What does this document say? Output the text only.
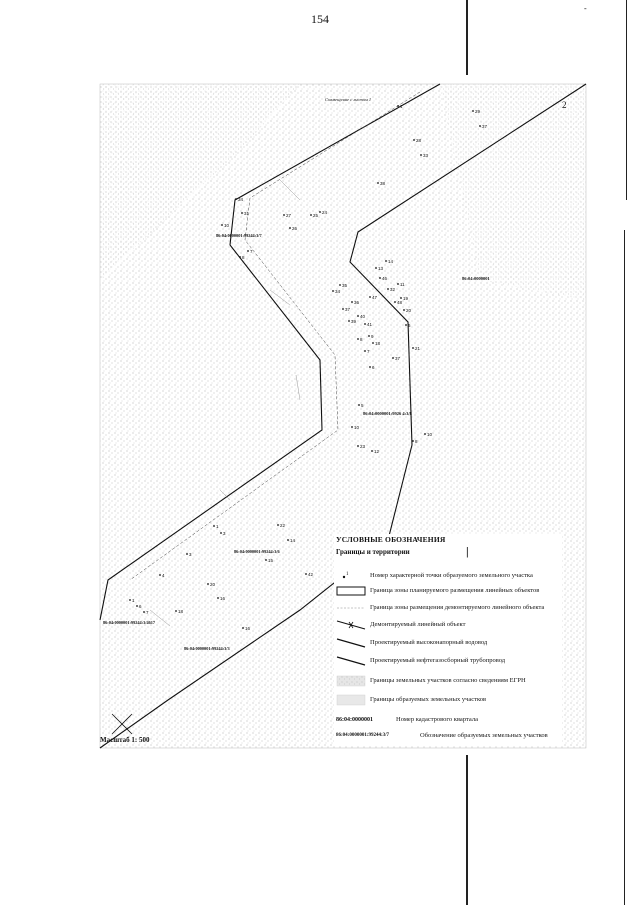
154
-
1
29
37
28
33
38
34
31
10
27	25
24
26
7
8
14
13
46
11
32
35
34
47	19
48
36
37	20
40
39
41	5
9
8
18
7
21
37
6
5
10
10
8
23
12
22
1
3
14
3
15
4	42
20
1	16
6
18
7
16
Совмещение с листом 1
2
86:04:0000001
86:04:0000001:9926 4:3/8
86:04:0000001:99244:3/7
86:04:0000001:99244:3/6
86:04:0000001:99244:3/4617
86:04:0000001:99244:3/3
УСЛОВНЫЕ ОБОЗНАЧЕНИЯ
Границы и территории
1	Номер характерной точки образуемого земельного участка
Граница зоны планируемого размещения линейных объектов
Граница зоны размещения демонтируемого линейного объекта
Демонтируемый линейный объект
Проектируемый высоконапорный водовод
Проектируемый нефтегазосборный трубопровод
Границы земельных участков согласно сведениям ЕГРН
Границы образуемых земельных участков
86:04:0000001	Номер кадастрового квартала
86:04:0000001:99244:3/7	Обозначение образуемых земельных участков
Масштаб 1: 500
|
